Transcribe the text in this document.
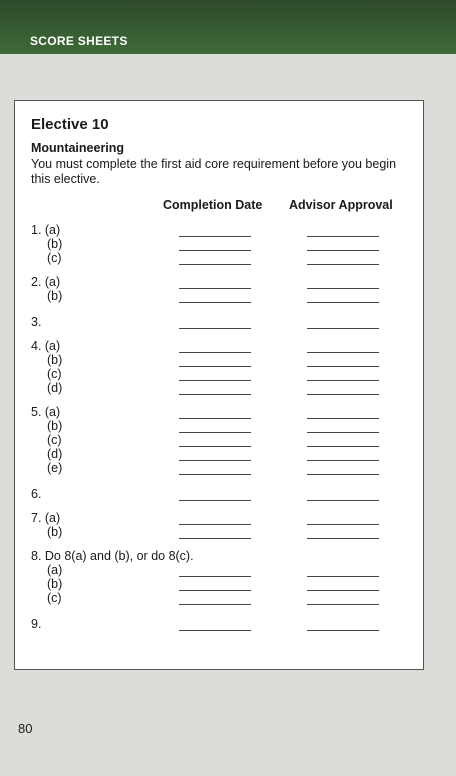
SCORE SHEETS
Elective 10
Mountaineering
You must complete the first aid core requirement before you begin this elective.
Completion Date Advisor Approval
1. (a)
(b)
(c)
2. (a)
(b)
3.
4. (a)
(b)
(c)
(d)
5. (a)
(b)
(c)
(d)
(e)
6.
7. (a)
(b)
8. Do 8(a) and (b), or do 8(c).
(a)
(b)
(c)
9.
80
